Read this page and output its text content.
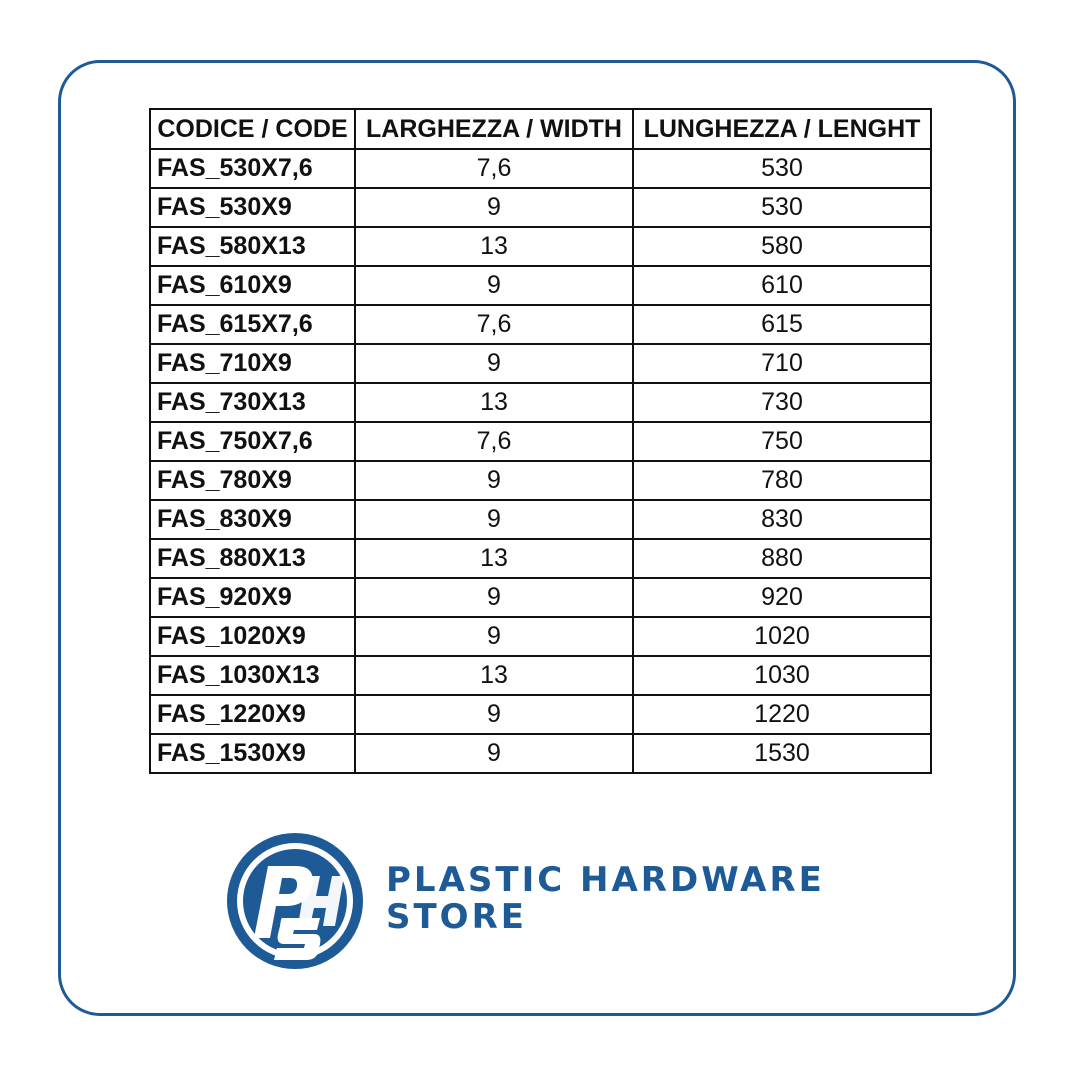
CODICE / CODE	LARGHEZZA / WIDTH	LUNGHEZZA / LENGHT
FAS_530X7,6	7,6	530
FAS_530X9	9	530
FAS_580X13	13	580
FAS_610X9	9	610
FAS_615X7,6	7,6	615
FAS_710X9	9	710
FAS_730X13	13	730
FAS_750X7,6	7,6	750
FAS_780X9	9	780
FAS_830X9	9	830
FAS_880X13	13	880
FAS_920X9	9	920
FAS_1020X9	9	1020
FAS_1030X13	13	1030
FAS_1220X9	9	1220
FAS_1530X9	9	1530
PLASTIC HARDWARE
STORE
